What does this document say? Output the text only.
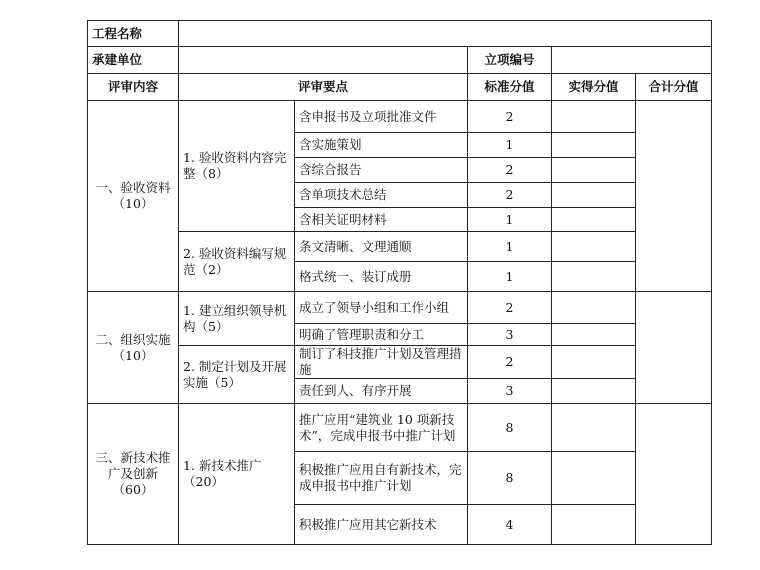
工程名称					
承建单位			立项编号		
评审内容	评审要点		标准分值	实得分值	合计分值
一、验收资料（10）	1. 验收资料内容完整（8）	含申报书及立项批准文件	2		
		含实施策划	1		
		含综合报告	2		
		含单项技术总结	2		
		含相关证明材料	1		
	2. 验收资料编写规范（2）	条文清晰、文理通顺	1		
		格式统一、装订成册	1		
二、组织实施（10）	1. 建立组织领导机构（5）	成立了领导小组和工作小组	2		
		明确了管理职责和分工	3		
	2. 制定计划及开展实施（5）	制订了科技推广计划及管理措施	2		
		责任到人、有序开展	3		
三、新技术推广及创新（60）	1. 新技术推广（20）	推广应用“建筑业 10 项新技术”，完成申报书中推广计划	8		
		积极推广应用自有新技术，完成申报书中推广计划	8		
		积极推广应用其它新技术	4		
